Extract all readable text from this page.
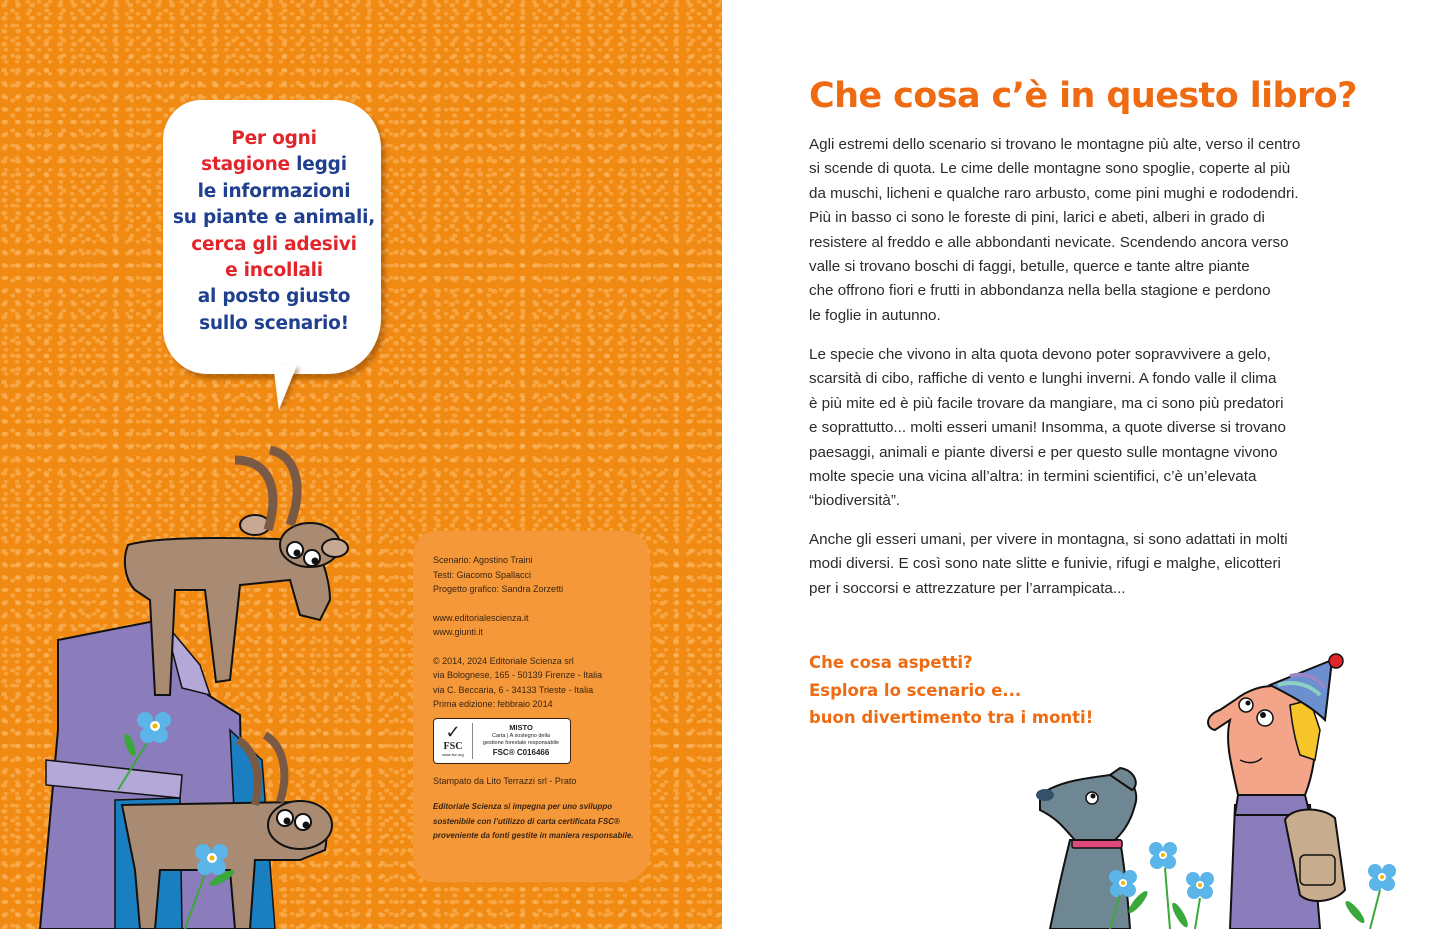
Per ogni
stagione leggi
le informazioni
su piante e animali,
cerca gli adesivi
e incollali
al posto giusto
sullo scenario!

Scenario: Agostino Traini

Testi: Giacomo Spallacci

Progetto grafico: Sandra Zorzetti

www.editorialescienza.it

www.giunti.it

© 2014, 2024 Editoriale Scienza srl

via Bolognese, 165 - 50139 Firenze - Italia

via C. Beccaria, 6 - 34133 Trieste - Italia

Prima edizione: febbraio 2014

✓
FSC
www.fsc.org
MISTO
Carta | A sostegno della
gestione forestale responsabile
FSC® C016466

Stampato da Lito Terrazzi srl - Prato

Editoriale Scienza si impegna per uno sviluppo

sostenibile con l’utilizzo di carta certificata FSC®

proveniente da fonti gestite in maniera responsabile.

Che cosa c’è in questo libro?

Agli estremi dello scenario si trovano le montagne più alte, verso il centro
si scende di quota. Le cime delle montagne sono spoglie, coperte al più
da muschi, licheni e qualche raro arbusto, come pini mughi e rododendri.
Più in basso ci sono le foreste di pini, larici e abeti, alberi in grado di
resistere al freddo e alle abbondanti nevicate. Scendendo ancora verso
valle si trovano boschi di faggi, betulle, querce e tante altre piante
che offrono fiori e frutti in abbondanza nella bella stagione e perdono
le foglie in autunno.

Le specie che vivono in alta quota devono poter sopravvivere a gelo,
scarsità di cibo, raffiche di vento e lunghi inverni. A fondo valle il clima
è più mite ed è più facile trovare da mangiare, ma ci sono più predatori
e soprattutto... molti esseri umani! Insomma, a quote diverse si trovano
paesaggi, animali e piante diversi e per questo sulle montagne vivono
molte specie una vicina all’altra: in termini scientifici, c’è un’elevata
“biodiversità”.

Anche gli esseri umani, per vivere in montagna, si sono adattati in molti
modi diversi. E così sono nate slitte e funivie, rifugi e malghe, elicotteri
per i soccorsi e attrezzature per l’arrampicata...

Che cosa aspetti?
Esplora lo scenario e...
buon divertimento tra i monti!
